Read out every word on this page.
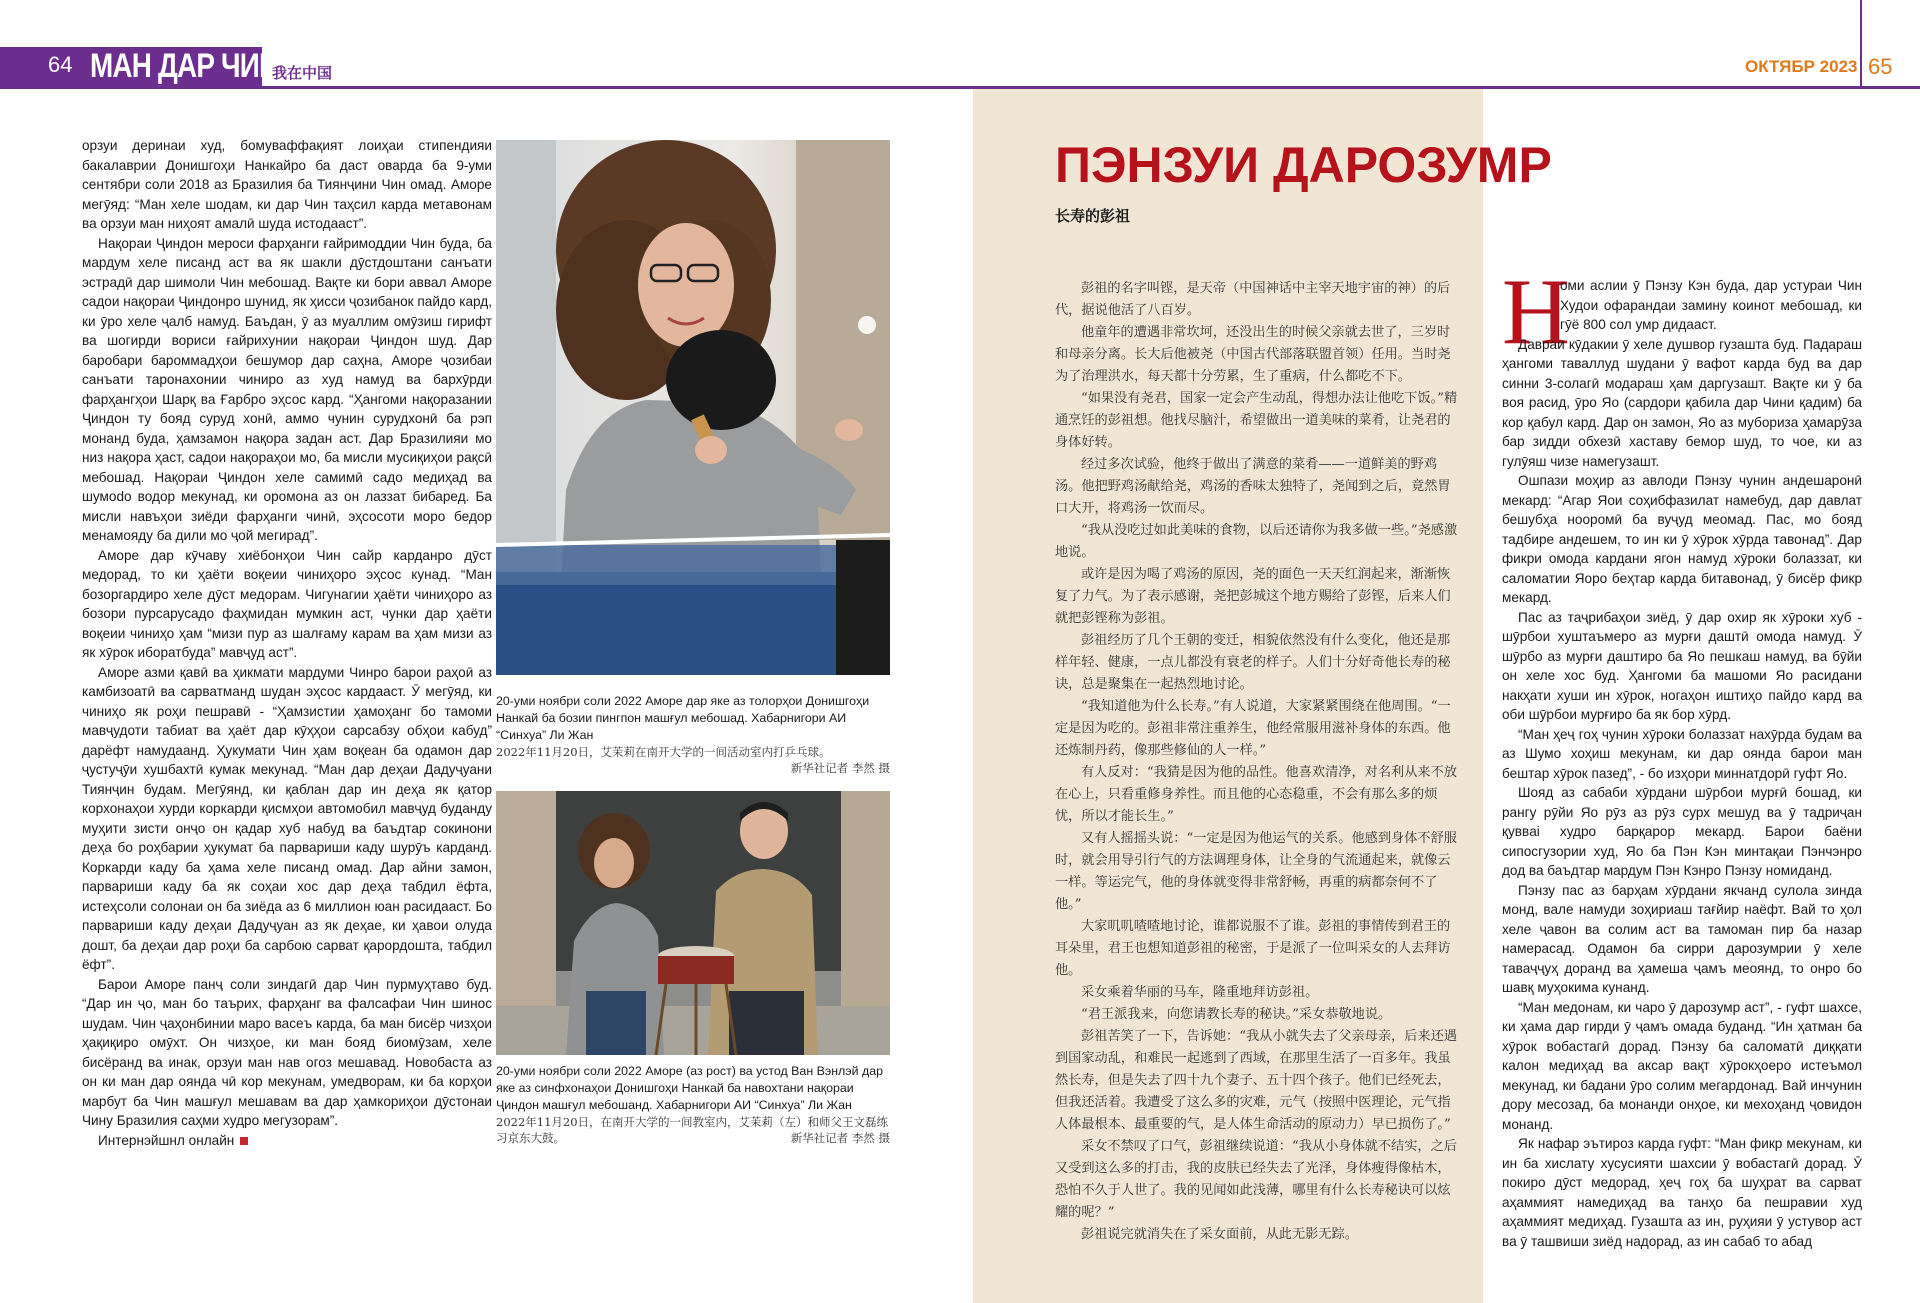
64 МАН ДАР ЧИН
我在中国	ОКТЯБР 2023 65

орзуи деринаи худ, бомуваффақият лоиҳаи стипендияи бакалаврии Донишгоҳи Нанкайро ба даст оварда ба 9-уми сентябри соли 2018 аз Бразилия ба Тиянҷини Чин омад. Аморе мегӯяд: “Ман хеле шодам, ки дар Чин таҳсил карда метавонам ва орзуи ман ниҳоят амалӣ шуда истодааст”.

Нақораи Ҷиндон мероси фарҳанги ғайримоддии Чин буда, ба мардум хеле писанд аст ва як шакли дӯстдоштани санъати эстрадӣ дар шимоли Чин мебошад. Вақте ки бори аввал Аморе садои нақораи Ҷиндонро шунид, як ҳисси ҷозибанок пайдо кард, ки ӯро хеле ҷалб намуд. Баъдан, ӯ аз муаллим омӯзиш гирифт ва шогирди вориси ғайрихунии нақораи Ҷиндон шуд. Дар баробари бароммадҳои бешумор дар саҳна, Аморе ҷозибаи санъати таронахонии чиниро аз худ намуд ва бархӯрди фарҳангҳои Шарқ ва Ғарбро эҳсос кард. “Ҳангоми нақоразании Ҷиндон ту бояд суруд хонӣ, аммо чунин сурудхонӣ ба рэп монанд буда, ҳамзамон нақора задан аст. Дар Бразилияи мо низ нақора ҳаст, садои нақораҳои мо, ба мисли мусиқиҳои рақсӣ мебошад. Нақораи Ҷиндон хеле самимӣ садо медиҳад ва шумоdo водор мекунад, ки оромона аз он лаззат бибаред. Ба мисли навъҳои зиёди фарҳанги чинӣ, эҳсосоти моро бедор менамояду ба дили мо ҷой мегирад”.

Аморе дар кӯчаву хиёбонҳои Чин сайр карданро дӯст медорад, то ки ҳаёти воқеии чиниҳоро эҳсос кунад. “Ман бозоргардиро хеле дӯст медорам. Чигунагии ҳаёти чиниҳоро аз бозори пурсарусадо фаҳмидан мумкин аст, чунки дар ҳаёти воқеии чиниҳо ҳам “мизи пур аз шалғаму карам ва ҳам мизи аз як хӯрок иборатбуда” мавҷуд аст”.

Аморе азми қавӣ ва ҳикмати мардуми Чинро барои раҳоӣ аз камбизоатӣ ва сарватманд шудан эҳсос кардааст. Ӯ мегӯяд, ки чиниҳо як роҳи пешравӣ - “Ҳамзистии ҳамоҳанг бо тамоми мавҷудоти табиат ва ҳаёт дар кӯҳҳои сарсабзу обҳои кабуд” дарёфт намудаанд. Ҳукумати Чин ҳам воқеан ба одамон дар ҷустуҷӯи хушбахтӣ кумак мекунад. “Ман дар деҳаи Дадуҷуани Тиянҷин будам. Мегӯянд, ки қаблан дар ин деҳа як қатор корхонаҳои хурди коркарди қисмҳои автомобил мавҷуд буданду муҳити зисти онҷо он қадар хуб набуд ва баъдтар сокинони деҳа бо роҳбарии ҳукумат ба парвариши каду шурӯъ карданд. Коркарди каду ба ҳама хеле писанд омад. Дар айни замон, парвариши каду ба як соҳаи хос дар деҳа табдил ёфта, истеҳсоли солонаи он ба зиёда аз 6 миллион юан расидааст. Бо парвариши каду деҳаи Дадуҷуан аз як деҳае, ки ҳавои олуда дошт, ба деҳаи дар роҳи ба сарбою сарват қарордошта, табдил ёфт”.

Барои Аморе панҷ соли зиндагӣ дар Чин пурмуҳтаво буд. “Дар ин ҷо, ман бо таърих, фарҳанг ва фалсафаи Чин шинос шудам. Чин ҷаҳонбинии маро васеъ карда, ба ман бисёр чизҳои ҳақиқиро омӯхт. Он чизҳое, ки ман бояд биомӯзам, хеле бисёранд ва инак, орзуи ман нав огоз мешавад. Новобаста аз он ки ман дар оянда чӣ кор мекунам, умедворам, ки ба корҳои марбут ба Чин машғул мешавам ва дар ҳамкориҳои дӯстонаи Чину Бразилия саҳми худро мегузорам”.

Интернэйшнл онлайн

20-уми ноябри соли 2022 Аморе дар яке аз толорҳои Донишгоҳи Нанкай ба бозии пингпон машғул мебошад. Хабарнигори АИ “Синхуа” Ли Жан
2022年11月20日，艾茉莉在南开大学的一间活动室内打乒乓球。
新华社记者 李然 摄
20-уми ноябри соли 2022 Аморе (аз рост) ва устод Ван Вэнлэй дар яке аз синфхонаҳои Донишгоҳи Нанкай ба навохтани нақораи Ҷиндон машғул мебошанд. Хабарнигори АИ “Синхуа” Ли Жан
2022年11月20日，在南开大学的一间教室内，艾茉莉（左）和师父王文磊练习京东大鼓。	新华社记者 李然 摄
ПЭНЗУИ ДАРОЗУМР
长寿的彭祖

彭祖的名字叫铿，是天帝（中国神话中主宰天地宇宙的神）的后代，据说他活了八百岁。

他童年的遭遇非常坎坷，还没出生的时候父亲就去世了，三岁时和母亲分离。长大后他被尧（中国古代部落联盟首领）任用。当时尧为了治理洪水，每天都十分劳累，生了重病，什么都吃不下。

“如果没有尧君，国家一定会产生动乱，得想办法让他吃下饭。”精通烹饪的彭祖想。他找尽脑汁，希望做出一道美味的菜肴，让尧君的身体好转。

经过多次试验，他终于做出了满意的菜肴——一道鲜美的野鸡汤。他把野鸡汤献给尧，鸡汤的香味太独特了，尧闻到之后，竟然胃口大开，将鸡汤一饮而尽。

“我从没吃过如此美味的食物，以后还请你为我多做一些。”尧感激地说。

或许是因为喝了鸡汤的原因，尧的面色一天天红润起来，渐渐恢复了力气。为了表示感谢，尧把彭城这个地方赐给了彭铿，后来人们就把彭铿称为彭祖。

彭祖经历了几个王朝的变迁，相貌依然没有什么变化，他还是那样年轻、健康，一点儿都没有衰老的样子。人们十分好奇他长寿的秘诀，总是聚集在一起热烈地讨论。

“我知道他为什么长寿。”有人说道，大家紧紧围绕在他周围。“一定是因为吃的。彭祖非常注重养生，他经常服用滋补身体的东西。他还炼制丹药，像那些修仙的人一样。”

有人反对：“我猜是因为他的品性。他喜欢清净，对名利从来不放在心上，只看重修身养性。而且他的心态稳重，不会有那么多的烦忧，所以才能长生。”

又有人摇摇头说：“一定是因为他运气的关系。他感到身体不舒服时，就会用导引行气的方法调理身体，让全身的气流通起来，就像云一样。等运完气，他的身体就变得非常舒畅，再重的病都奈何不了他。”

大家叽叽喳喳地讨论，谁都说服不了谁。彭祖的事情传到君王的耳朵里，君王也想知道彭祖的秘密，于是派了一位叫采女的人去拜访他。

采女乘着华丽的马车，隆重地拜访彭祖。

“君王派我来，向您请教长寿的秘诀。”采女恭敬地说。

彭祖苦笑了一下，告诉她：“我从小就失去了父亲母亲，后来还遇到国家动乱，和难民一起逃到了西域，在那里生活了一百多年。我虽然长寿，但是失去了四十九个妻子、五十四个孩子。他们已经死去，但我还活着。我遭受了这么多的灾难，元气（按照中医理论，元气指人体最根本、最重要的气，是人体生命活动的原动力）早已损伤了。”

采女不禁叹了口气，彭祖继续说道：“我从小身体就不结实，之后又受到这么多的打击，我的皮肤已经失去了光泽，身体瘦得像枯木，恐怕不久于人世了。我的见闻如此浅薄，哪里有什么长寿秘诀可以炫耀的呢？”

彭祖说完就消失在了采女面前，从此无影无踪。

Н

оми аслии ӯ Пэнзу Кэн буда, дар устураи Чин Худои офарандаи замину коинот мебошад, ки гӯё 800 сол умр дидааст.

Давраи кӯдакии ӯ хеле душвор гузашта буд. Падараш ҳангоми таваллуд шудани ӯ вафот карда буд ва дар синни 3-солагӣ модараш ҳам даргузашт. Вақте ки ӯ ба воя расид, ӯро Яо (сардори қабила дар Чини қадим) ба кор қабул кард. Дар он замон, Яо аз мубориза ҳамарӯза бар зидди обхезӣ хаставу бемор шуд, то чое, ки аз гулӯяш чизе намегузашт.

Ошпази моҳир аз авлоди Пэнзу чунин андешаронӣ мекард: “Агар Яои соҳибфазилат намебуд, дар давлат бешубҳа нооромӣ ба вуҷуд меомад. Пас, мо бояд тадбире андешем, то ин ки ӯ хӯрок хӯрда тавонад”. Дар фикри омода кардани ягон намуд хӯроки болаззат, ки саломатии Яоро беҳтар карда битавонад, ӯ бисёр фикр мекард.

Пас аз таҷрибаҳои зиёд, ӯ дар охир як хӯроки хуб - шӯрбои хуштаъмеро аз мурғи даштӣ омода намуд. Ӯ шӯрбо аз мурғи даштиро ба Яо пешкаш намуд, ва бӯйи он хеле хос буд. Ҳангоми ба машоми Яо расидани накҳати хуши ин хӯрок, ногаҳон иштиҳо пайдо кард ва оби шӯрбои мурғиро ба як бор хӯрд.

“Ман ҳеҷ гоҳ чунин хӯроки болаззат нахӯрда будам ва аз Шумо хоҳиш мекунам, ки дар оянда барои ман бештар хӯрок пазед”, - бо изҳори миннатдорӣ гуфт Яо.

Шояд аз сабаби хӯрдани шӯрбои мурғӣ бошад, ки рангу рӯйи Яо рӯз аз рӯз сурх мешуд ва ӯ тадриҷан қуввai худро барқарор мекард. Барои баёни сипосгузории худ, Яо ба Пэн Кэн минтақаи Пэнчэнро дод ва баъдтар мардум Пэн Кэнро Пэнзу номиданд.

Пэнзу пас аз барҳам хӯрдани якчанд сулола зинда монд, вале намуди зоҳириаш тағйир наёфт. Вай то ҳол хеле ҷавон ва солим аст ва тамоман пир ба назар намерасад. Одамон ба сирри дарозумрии ӯ хеле таваҷҷуҳ доранд ва ҳамеша ҷамъ меоянд, то онро бо шавқ муҳокима кунанд.

“Ман медонам, ки чаро ӯ дарозумр аст”, - гуфт шахсе, ки ҳама дар гирди ӯ ҷамъ омада буданд. “Ин ҳатман ба хӯрок вобастагӣ дорад. Пэнзу ба саломатӣ диққати калон медиҳад ва аксар вақт хӯрокҳоеро истеъмол мекунад, ки бадани ӯро солим мегардонад. Вай инчунин дору месозад, ба монанди онҳое, ки мехоҳанд ҷовидон монанд.

Як нафар эътироз карда гуфт: “Ман фикр мекунам, ки ин ба хислату хусусияти шахсии ӯ вобастагӣ дорад. Ӯ покиро дӯст медорад, ҳеҷ гоҳ ба шуҳрат ва сарват аҳаммият намедиҳад ва танҳо ба пешравии худ аҳаммият медиҳад. Гузашта аз ин, руҳияи ӯ устувор аст ва ӯ ташвиши зиёд надорад, аз ин сабаб то абад
